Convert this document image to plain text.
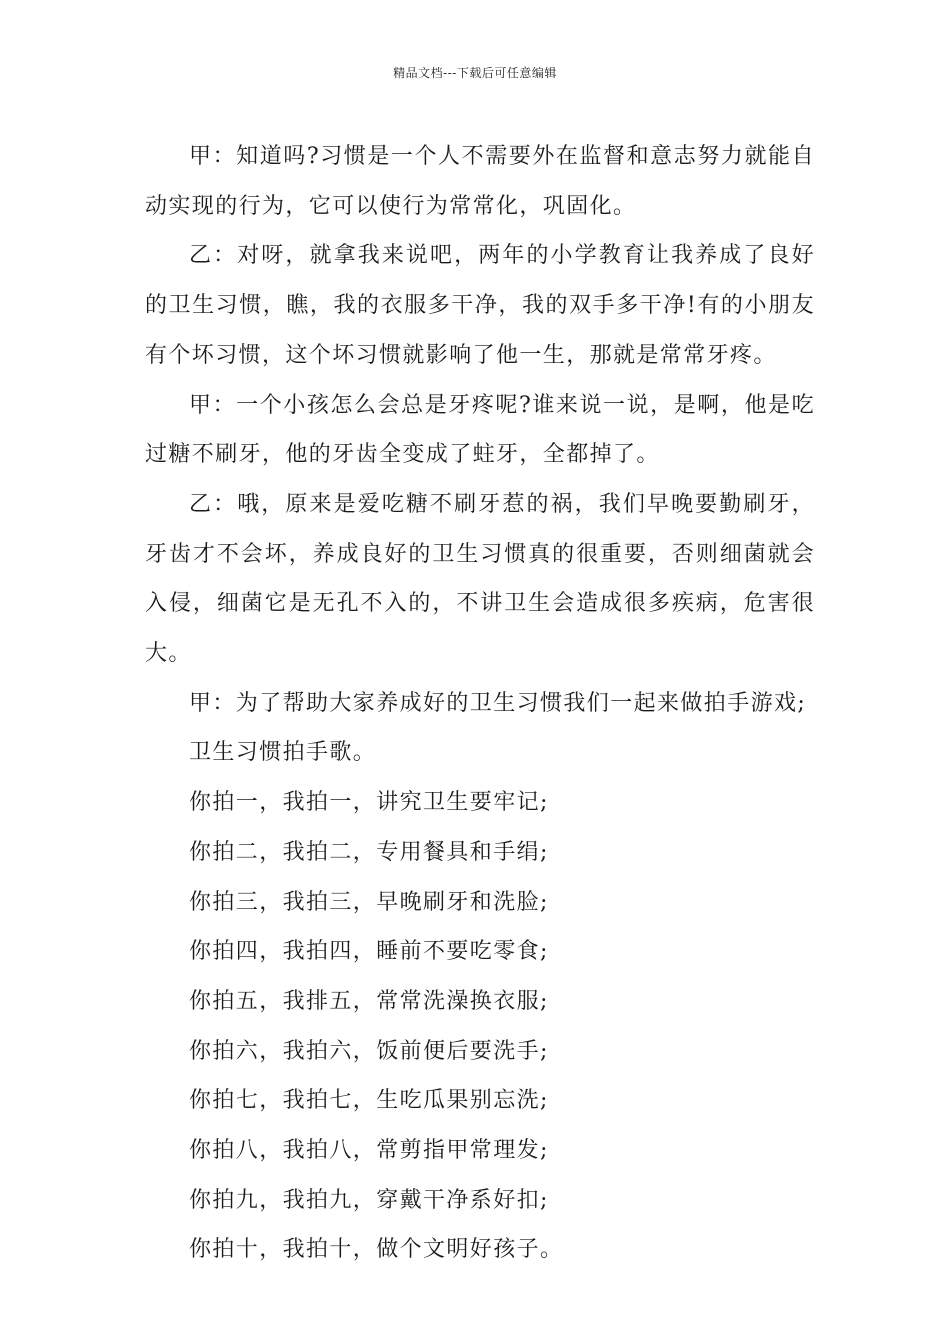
精品文档---下载后可任意编辑

甲：知道吗?习惯是一个人不需要外在监督和意志努力就能自动实现的行为，它可以使行为常常化，巩固化。

乙：对呀，就拿我来说吧，两年的小学教育让我养成了良好的卫生习惯，瞧，我的衣服多干净，我的双手多干净!有的小朋友有个坏习惯，这个坏习惯就影响了他一生，那就是常常牙疼。

甲：一个小孩怎么会总是牙疼呢?谁来说一说，是啊，他是吃过糖不刷牙，他的牙齿全变成了蛀牙，全都掉了。

乙：哦，原来是爱吃糖不刷牙惹的祸，我们早晚要勤刷牙，牙齿才不会坏，养成良好的卫生习惯真的很重要，否则细菌就会入侵，细菌它是无孔不入的，不讲卫生会造成很多疾病，危害很大。

甲：为了帮助大家养成好的卫生习惯我们一起来做拍手游戏;

卫生习惯拍手歌。

你拍一，我拍一，讲究卫生要牢记;

你拍二，我拍二，专用餐具和手绢;

你拍三，我拍三，早晚刷牙和洗脸;

你拍四，我拍四，睡前不要吃零食;

你拍五，我排五，常常洗澡换衣服;

你拍六，我拍六，饭前便后要洗手;

你拍七，我拍七，生吃瓜果别忘洗;

你拍八，我拍八，常剪指甲常理发;

你拍九，我拍九，穿戴干净系好扣;

你拍十，我拍十，做个文明好孩子。
